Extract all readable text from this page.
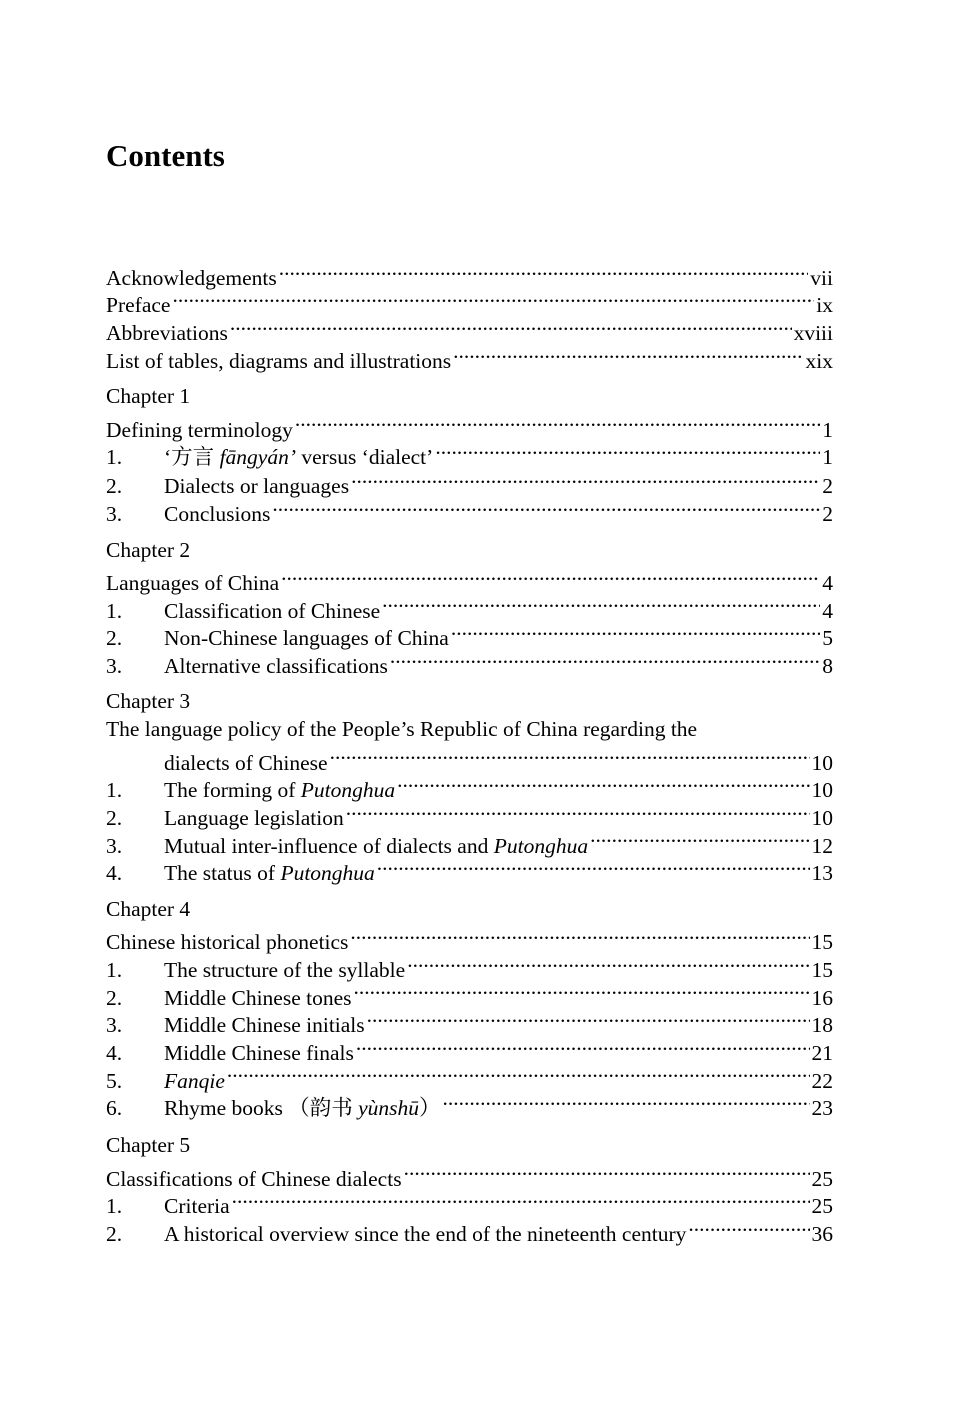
Contents
Acknowledgements .....	vii
Preface .....	ix
Abbreviations .....	xviii
List of tables, diagrams and illustrations .....	xix
Chapter 1
Defining terminology .....	1
1.	‘方言 fāngyán’ versus ‘dialect’ .....	1
2.	Dialects or languages .....	2
3.	Conclusions .....	2
Chapter 2
Languages of China .....	4
1.	Classification of Chinese .....	4
2.	Non-Chinese languages of China .....	5
3.	Alternative classifications .....	8
Chapter 3
The language policy of the People’s Republic of China regarding the
dialects of Chinese .....	10
1.	The forming of Putonghua .....	10
2.	Language legislation .....	10
3.	Mutual inter-influence of dialects and Putonghua .....	12
4.	The status of Putonghua .....	13
Chapter 4
Chinese historical phonetics .....	15
1.	The structure of the syllable .....	15
2.	Middle Chinese tones .....	16
3.	Middle Chinese initials .....	18
4.	Middle Chinese finals .....	21
5.	Fanqie .....	22
6.	Rhyme books （韵书 yùnshū） .....	23
Chapter 5
Classifications of Chinese dialects .....	25
1.	Criteria .....	25
2.	A historical overview since the end of the nineteenth century .....	36
